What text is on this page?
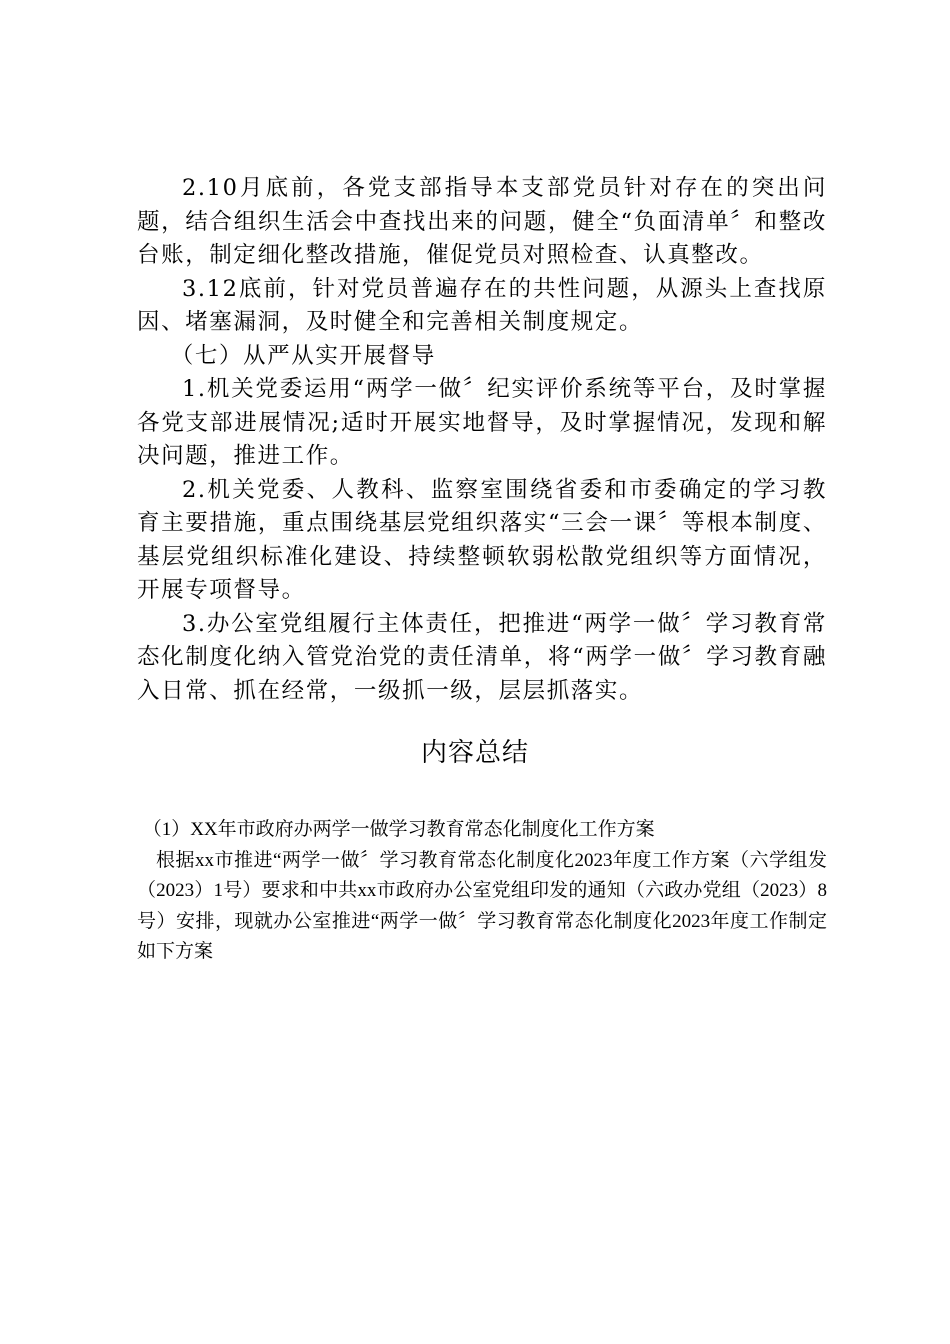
2.10月底前，各党支部指导本支部党员针对存在的突出问题，结合组织生活会中查找出来的问题，健全“负面清单〞和整改台账，制定细化整改措施，催促党员对照检查、认真整改。

3.12底前，针对党员普遍存在的共性问题，从源头上查找原因、堵塞漏洞，及时健全和完善相关制度规定。

（七）从严从实开展督导

1.机关党委运用“两学一做〞纪实评价系统等平台，及时掌握各党支部进展情况;适时开展实地督导，及时掌握情况，发现和解决问题，推进工作。

2.机关党委、人教科、监察室围绕省委和市委确定的学习教育主要措施，重点围绕基层党组织落实“三会一课〞等根本制度、基层党组织标准化建设、持续整顿软弱松散党组织等方面情况，开展专项督导。

3.办公室党组履行主体责任，把推进“两学一做〞学习教育常态化制度化纳入管党治党的责任清单，将“两学一做〞学习教育融入日常、抓在经常，一级抓一级，层层抓落实。

内容总结

（1）XX年市政府办两学一做学习教育常态化制度化工作方案

根据xx市推进“两学一做〞学习教育常态化制度化2023年度工作方案（六学组发（2023）1号）要求和中共xx市政府办公室党组印发的通知（六政办党组（2023）8号）安排，现就办公室推进“两学一做〞学习教育常态化制度化2023年度工作制定如下方案
